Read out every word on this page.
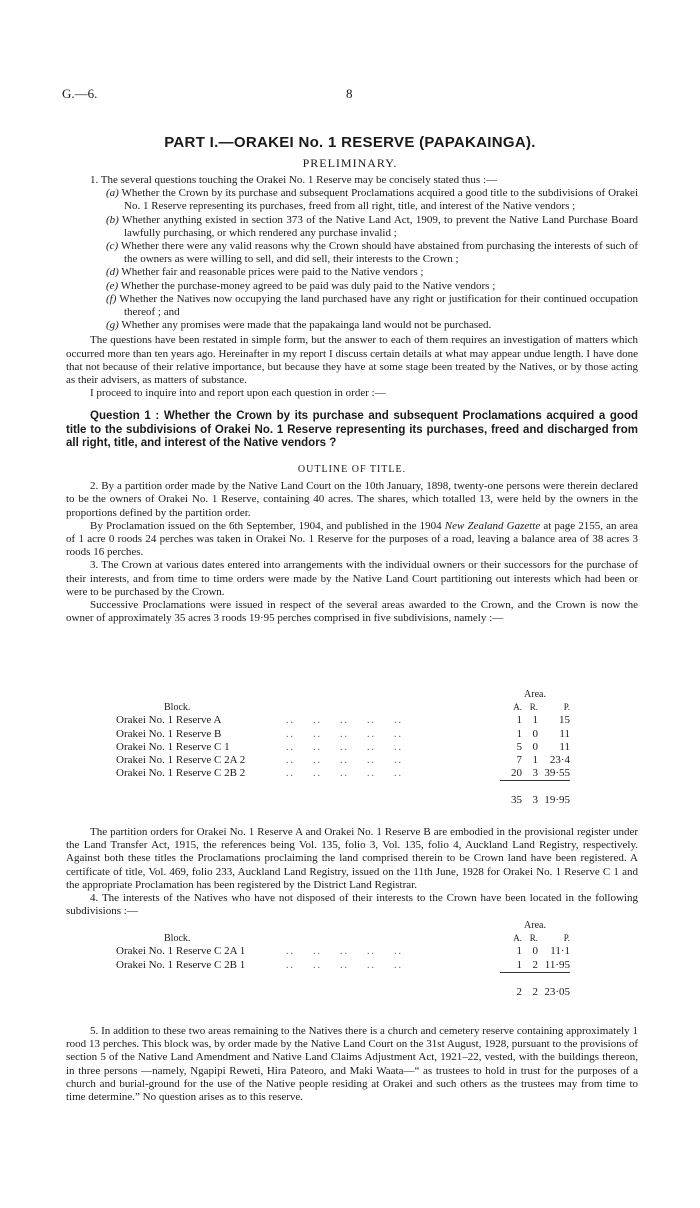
G.—6.	8
PART I.—ORAKEI No. 1 RESERVE (PAPAKAINGA).
PRELIMINARY.

1. The several questions touching the Orakei No. 1 Reserve may be concisely stated thus :—

(a) Whether the Crown by its purchase and subsequent Proclamations acquired a good title to the subdivisions of Orakei No. 1 Reserve representing its purchases, freed from all right, title, and interest of the Native vendors ;

(b) Whether anything existed in section 373 of the Native Land Act, 1909, to prevent the Native Land Purchase Board lawfully purchasing, or which rendered any purchase invalid ;

(c) Whether there were any valid reasons why the Crown should have abstained from purchasing the interests of such of the owners as were willing to sell, and did sell, their interests to the Crown ;

(d) Whether fair and reasonable prices were paid to the Native vendors ;

(e) Whether the purchase-money agreed to be paid was duly paid to the Native vendors ;

(f) Whether the Natives now occupying the land purchased have any right or justification for their continued occupation thereof ; and

(g) Whether any promises were made that the papakainga land would not be purchased.

The questions have been restated in simple form, but the answer to each of them requires an investigation of matters which occurred more than ten years ago. Hereinafter in my report I discuss certain details at what may appear undue length. I have done that not because of their relative importance, but because they have at some stage been treated by the Natives, or by those acting as their advisers, as matters of substance.

I proceed to inquire into and report upon each question in order :—

Question 1 : Whether the Crown by its purchase and subsequent Proclamations acquired a good title to the subdivisions of Orakei No. 1 Reserve representing its purchases, freed and discharged from all right, title, and interest of the Native vendors ?

OUTLINE OF TITLE.

2. By a partition order made by the Native Land Court on the 10th January, 1898, twenty-one persons were therein declared to be the owners of Orakei No. 1 Reserve, containing 40 acres. The shares, which totalled 13, were held by the owners in the proportions defined by the partition order.

By Proclamation issued on the 6th September, 1904, and published in the 1904 New Zealand Gazette at page 2155, an area of 1 acre 0 roods 24 perches was taken in Orakei No. 1 Reserve for the purposes of a road, leaving a balance area of 38 acres 3 roods 16 perches.

3. The Crown at various dates entered into arrangements with the individual owners or their successors for the purchase of their interests, and from time to time orders were made by the Native Land Court partitioning out interests which had been or were to be purchased by the Crown.

Successive Proclamations were issued in respect of the several areas awarded to the Crown, and the Crown is now the owner of approximately 35 acres 3 roods 19·95 perches comprised in five subdivisions, namely :—

		Area.		
Block.		A.	R.	P.
Orakei No. 1 Reserve A	..    ..    ..    ..    ..	1	1	15
Orakei No. 1 Reserve B	..    ..    ..    ..    ..	1	0	11
Orakei No. 1 Reserve C 1	..    ..    ..    ..    ..	5	0	11
Orakei No. 1 Reserve C 2A 2	..    ..    ..    ..    ..	7	1	23·4
Orakei No. 1 Reserve C 2B 2	..    ..    ..    ..    ..	20	3	39·55

		35	3	19·95

The partition orders for Orakei No. 1 Reserve A and Orakei No. 1 Reserve B are embodied in the provisional register under the Land Transfer Act, 1915, the references being Vol. 135, folio 3, Vol. 135, folio 4, Auckland Land Registry, respectively. Against both these titles the Proclamations proclaiming the land comprised therein to be Crown land have been registered. A certificate of title, Vol. 469, folio 233, Auckland Land Registry, issued on the 11th June, 1928 for Orakei No. 1 Reserve C 1 and the appropriate Proclamation has been registered by the District Land Registrar.

4. The interests of the Natives who have not disposed of their interests to the Crown have been located in the following subdivisions :—

		Area.		
Block.		A.	R.	P.
Orakei No. 1 Reserve C 2A 1	..    ..    ..    ..    ..	1	0	11·1
Orakei No. 1 Reserve C 2B 1	..    ..    ..    ..    ..	1	2	11·95

		2	2	23·05

5. In addition to these two areas remaining to the Natives there is a church and cemetery reserve containing approximately 1 rood 13 perches. This block was, by order made by the Native Land Court on the 31st August, 1928, pursuant to the provisions of section 5 of the Native Land Amendment and Native Land Claims Adjustment Act, 1921–22, vested, with the buildings thereon, in three persons —namely, Ngapipi Reweti, Hira Pateoro, and Maki Waata—“ as trustees to hold in trust for the purposes of a church and burial-ground for the use of the Native people residing at Orakei and such others as the trustees may from time to time determine.” No question arises as to this reserve.
